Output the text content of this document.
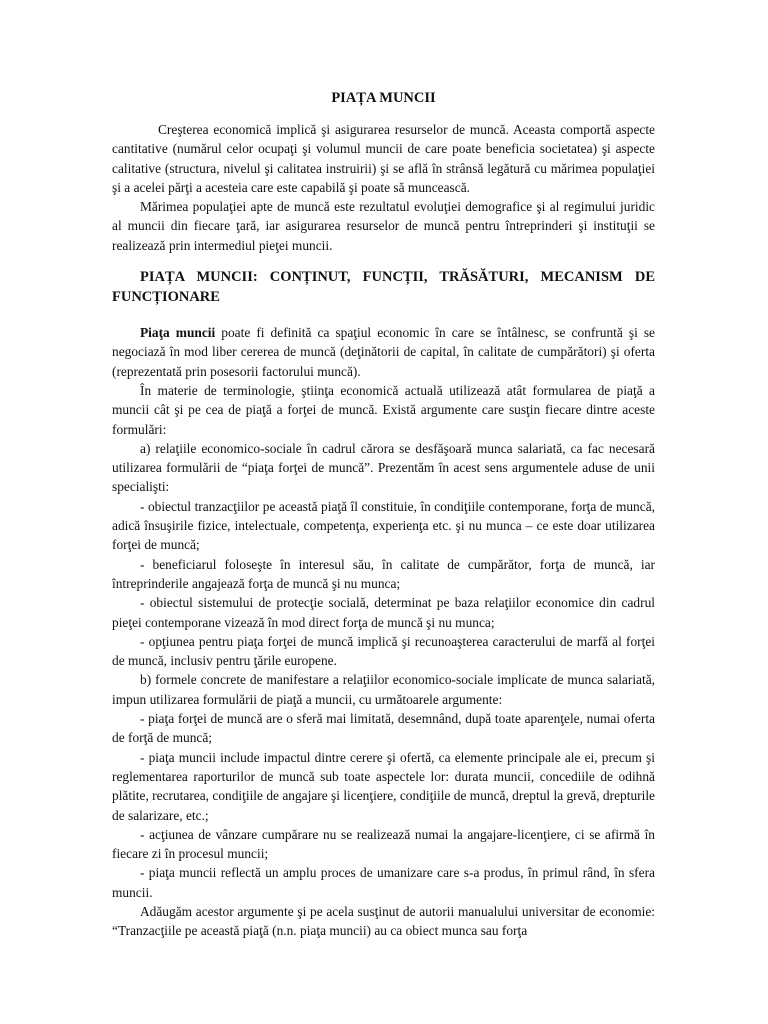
PIAȚA MUNCII

Creşterea economică implică şi asigurarea resurselor de muncă. Aceasta comportă aspecte cantitative (numărul celor ocupaţi şi volumul muncii de care poate beneficia societatea) şi aspecte calitative (structura, nivelul şi calitatea instruirii) şi se află în strânsă legătură cu mărimea populaţiei şi a acelei părţi a acesteia care este capabilă şi poate să muncească.

Mărimea populaţiei apte de muncă este rezultatul evoluţiei demografice şi al regimului juridic al muncii din fiecare ţară, iar asigurarea resurselor de muncă pentru întreprinderi şi instituţii se realizează prin intermediul pieţei muncii.

PIAȚA MUNCII: CONȚINUT, FUNCȚII, TRĂSĂTURI, MECANISM DE FUNCȚIONARE

Piaţa muncii poate fi definită ca spaţiul economic în care se întâlnesc, se confruntă şi se negociază în mod liber cererea de muncă (deţinătorii de capital, în calitate de cumpărători) şi oferta (reprezentată prin posesorii factorului muncă).

În materie de terminologie, ştiinţa economică actuală utilizează atât formularea de piaţă a muncii cât şi pe cea de piaţă a forţei de muncă. Există argumente care susţin fiecare dintre aceste formulări:

a) relaţiile economico-sociale în cadrul cărora se desfăşoară munca salariată, ca fac necesară utilizarea formulării de “piaţa forţei de muncă”. Prezentăm în acest sens argumentele aduse de unii specialişti:

- obiectul tranzacţiilor pe această piaţă îl constituie, în condiţiile contemporane, forţa de muncă, adică însuşirile fizice, intelectuale, competenţa, experienţa etc. şi nu munca – ce este doar utilizarea forţei de muncă;

- beneficiarul foloseşte în interesul său, în calitate de cumpărător, forţa de muncă, iar întreprinderile angajează forţa de muncă şi nu munca;

- obiectul sistemului de protecţie socială, determinat pe baza relaţiilor economice din cadrul pieţei contemporane vizează în mod direct forţa de muncă şi nu munca;

- opţiunea pentru piaţa forţei de muncă implică şi recunoaşterea caracterului de marfă al forţei de muncă, inclusiv pentru ţările europene.

b) formele concrete de manifestare a relaţiilor economico-sociale implicate de munca salariată, impun utilizarea formulării de piaţă a muncii, cu următoarele argumente:

- piaţa forţei de muncă are o sferă mai limitată, desemnând, după toate aparenţele, numai oferta de forţă de muncă;

- piaţa muncii include impactul dintre cerere şi ofertă, ca elemente principale ale ei, precum şi reglementarea raporturilor de muncă sub toate aspectele lor: durata muncii, concediile de odihnă plătite, recrutarea, condiţiile de angajare şi licenţiere, condiţiile de muncă, dreptul la grevă, drepturile de salarizare, etc.;

- acţiunea de vânzare cumpărare nu se realizează numai la angajare-licenţiere, ci se afirmă în fiecare zi în procesul muncii;

- piaţa muncii reflectă un amplu proces de umanizare care s-a produs, în primul rând, în sfera muncii.

Adăugăm acestor argumente şi pe acela susţinut de autorii manualului universitar de economie: “Tranzacţiile pe această piaţă (n.n. piaţa muncii) au ca obiect munca sau forţa
